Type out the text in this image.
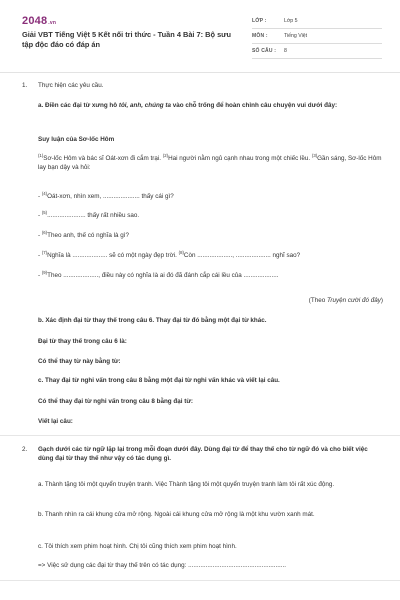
2048.vn
Giải VBT Tiếng Việt 5 Kết nối tri thức - Tuần 4 Bài 7: Bộ sưu tập độc đáo có đáp án
LỚP :	Lớp 5
MÔN :	Tiếng Việt
SỐ CÂU :	8
1. Thực hiện các yêu cầu.
a. Điền các đại từ xưng hô tôi, anh, chúng ta vào chỗ trống để hoàn chỉnh câu chuyện vui dưới đây:
Suy luận của Sơ-lốc Hôm
$^{(1)}$Sơ-lốc Hôm và bác sĩ Oát-xơn đi cắm trại. $^{(2)}$Hai người nằm ngủ cạnh nhau trong một chiếc lều. $^{(3)}$Gần sáng, Sơ-lốc Hôm lay bạn dậy và hỏi:
- $^{(4)}$Oát-xơn, nhìn xem, ..................... thấy cái gì?
- $^{(5)}$...................... thấy rất nhiều sao.
- $^{(6)}$Theo anh, thế có nghĩa là gì?
- $^{(7)}$Nghĩa là .................... sẽ có một ngày đẹp trời. $^{(8)}$Còn ...................., .................... nghĩ sao?
- $^{(9)}$Theo ...................., điều này có nghĩa là ai đó đã đánh cắp cái lều của ....................
(Theo Truyện cười đó đây)
b. Xác định đại từ thay thế trong câu 6. Thay đại từ đó bằng một đại từ khác.
Đại từ thay thế trong câu 6 là:
Có thể thay từ này bằng từ:
c. Thay đại từ nghi vấn trong câu 8 bằng một đại từ nghi vấn khác và viết lại câu.
Có thể thay đại từ nghi vấn trong câu 8 bằng đại từ:
Viết lại câu:
2. Gạch dưới các từ ngữ lặp lại trong mỗi đoạn dưới đây. Dùng đại từ để thay thế cho từ ngữ đó và cho biết việc dùng đại từ thay thế như vậy có tác dụng gì.
a. Thành tặng tôi một quyển truyện tranh. Việc Thành tặng tôi một quyển truyện tranh làm tôi rất xúc động.
b. Thanh nhìn ra cái khung cửa mở rộng. Ngoài cái khung cửa mở rộng là một khu vườn xanh mát.
c. Tôi thích xem phim hoạt hình. Chị tôi cũng thích xem phim hoạt hình.
=> Việc sử dụng các đại từ thay thế trên có tác dụng: ........................................................
